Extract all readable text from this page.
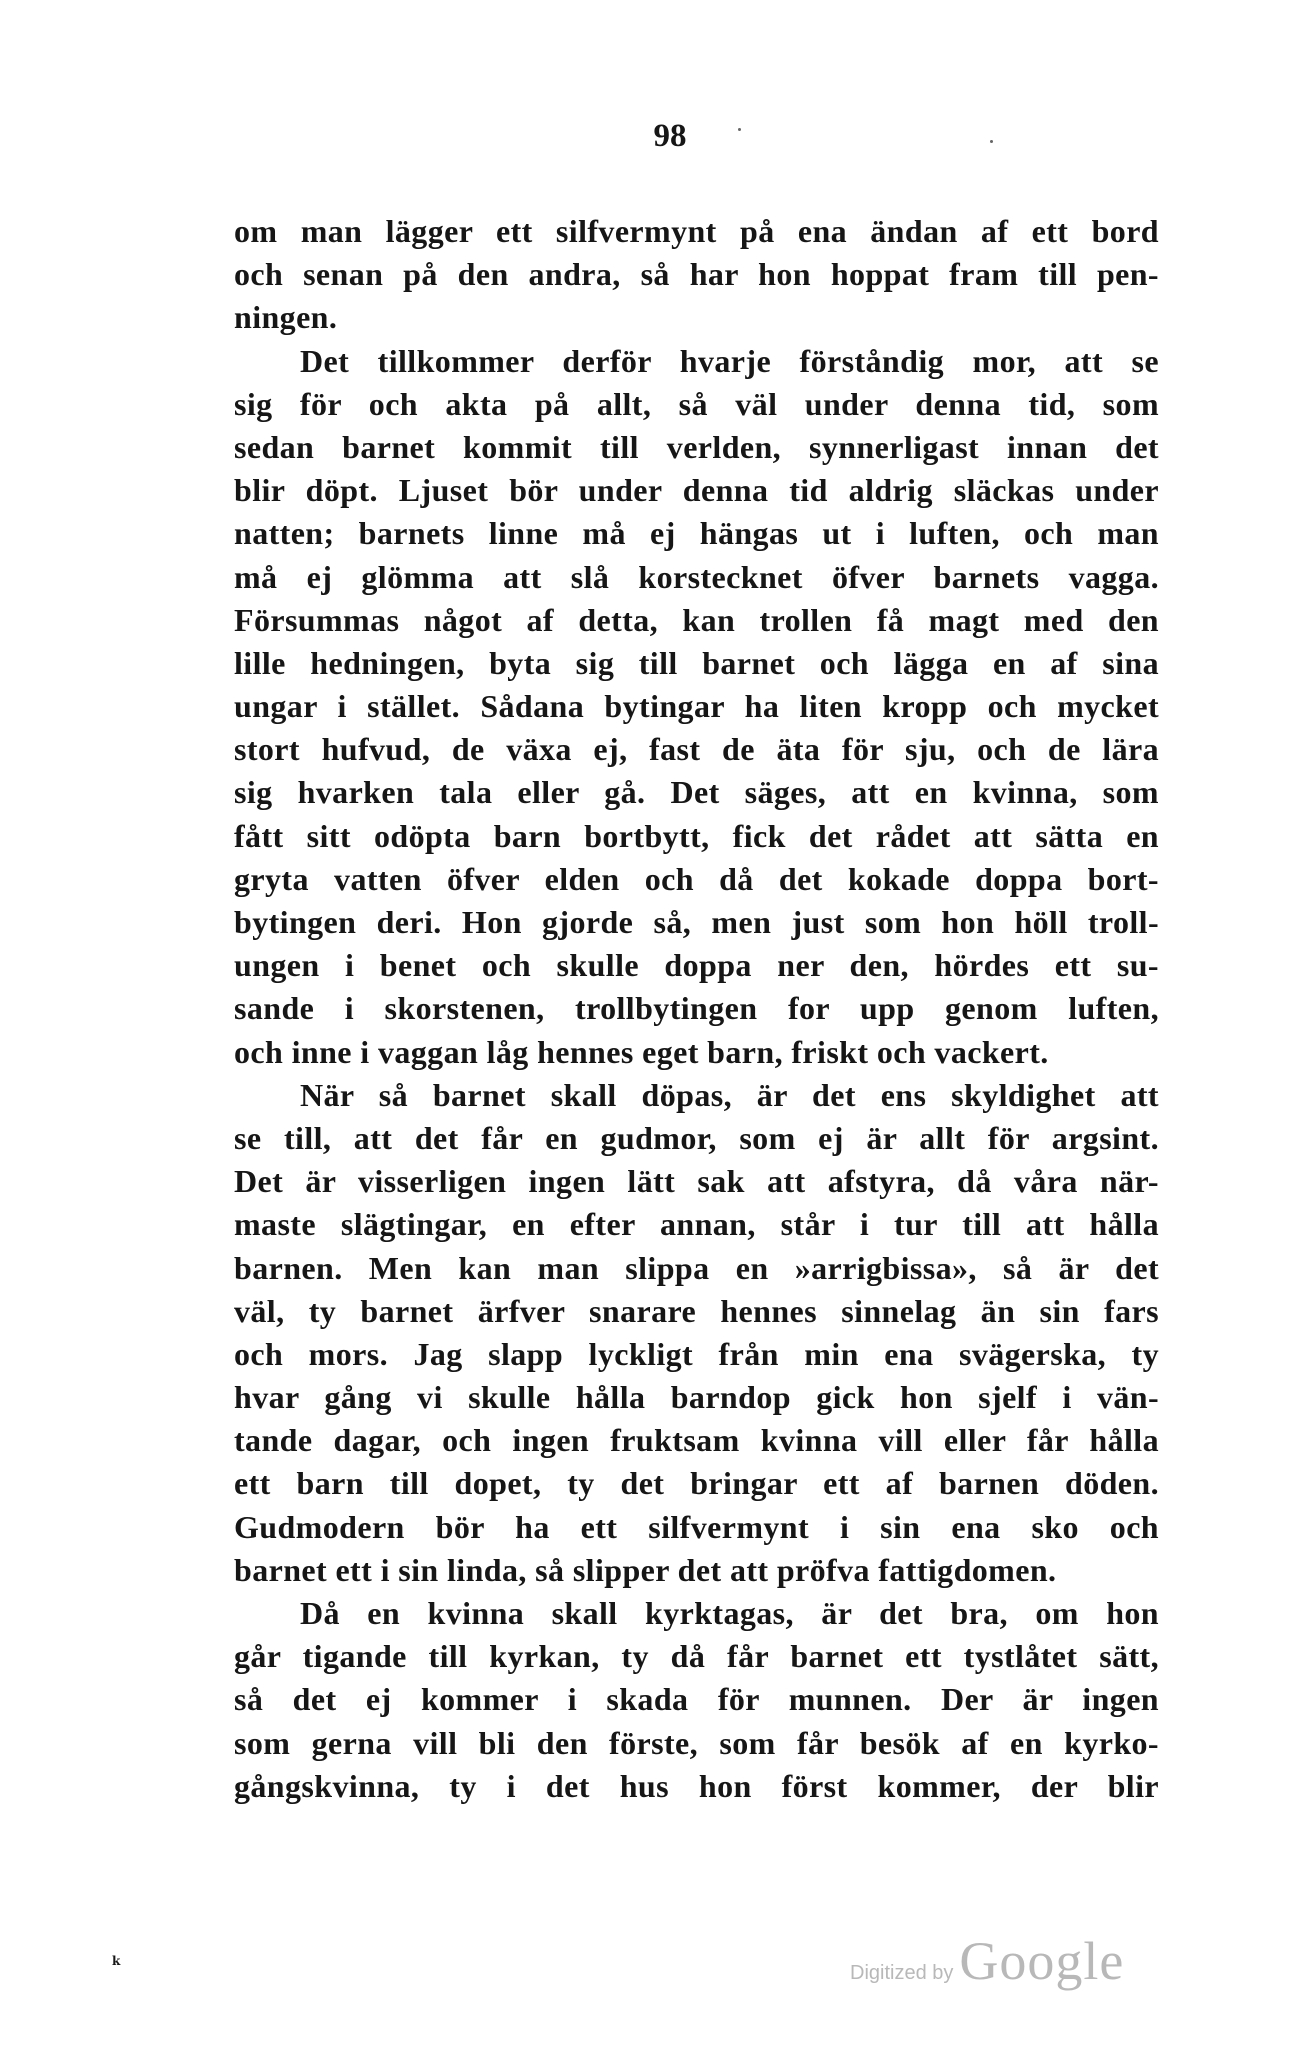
98
om man lägger ett silfvermynt på ena ändan af ett bord
och senan på den andra, så har hon hoppat fram till pen-
ningen.
Det tillkommer derför hvarje förståndig mor, att se
sig för och akta på allt, så väl under denna tid, som
sedan barnet kommit till verlden, synnerligast innan det
blir döpt. Ljuset bör under denna tid aldrig släckas under
natten; barnets linne må ej hängas ut i luften, och man
må ej glömma att slå korstecknet öfver barnets vagga.
Försummas något af detta, kan trollen få magt med den
lille hedningen, byta sig till barnet och lägga en af sina
ungar i stället. Sådana bytingar ha liten kropp och mycket
stort hufvud, de växa ej, fast de äta för sju, och de lära
sig hvarken tala eller gå. Det säges, att en kvinna, som
fått sitt odöpta barn bortbytt, fick det rådet att sätta en
gryta vatten öfver elden och då det kokade doppa bort-
bytingen deri. Hon gjorde så, men just som hon höll troll-
ungen i benet och skulle doppa ner den, hördes ett su-
sande i skorstenen, trollbytingen for upp genom luften,
och inne i vaggan låg hennes eget barn, friskt och vackert.
När så barnet skall döpas, är det ens skyldighet att
se till, att det får en gudmor, som ej är allt för argsint.
Det är visserligen ingen lätt sak att afstyra, då våra när-
maste slägtingar, en efter annan, står i tur till att hålla
barnen. Men kan man slippa en »arrigbissa», så är det
väl, ty barnet ärfver snarare hennes sinnelag än sin fars
och mors. Jag slapp lyckligt från min ena svägerska, ty
hvar gång vi skulle hålla barndop gick hon sjelf i vän-
tande dagar, och ingen fruktsam kvinna vill eller får hålla
ett barn till dopet, ty det bringar ett af barnen döden.
Gudmodern bör ha ett silfvermynt i sin ena sko och
barnet ett i sin linda, så slipper det att pröfva fattigdomen.
Då en kvinna skall kyrktagas, är det bra, om hon
går tigande till kyrkan, ty då får barnet ett tystlåtet sätt,
så det ej kommer i skada för munnen. Der är ingen
som gerna vill bli den förste, som får besök af en kyrko-
gångskvinna, ty i det hus hon först kommer, der blir
k
Digitized by Google
